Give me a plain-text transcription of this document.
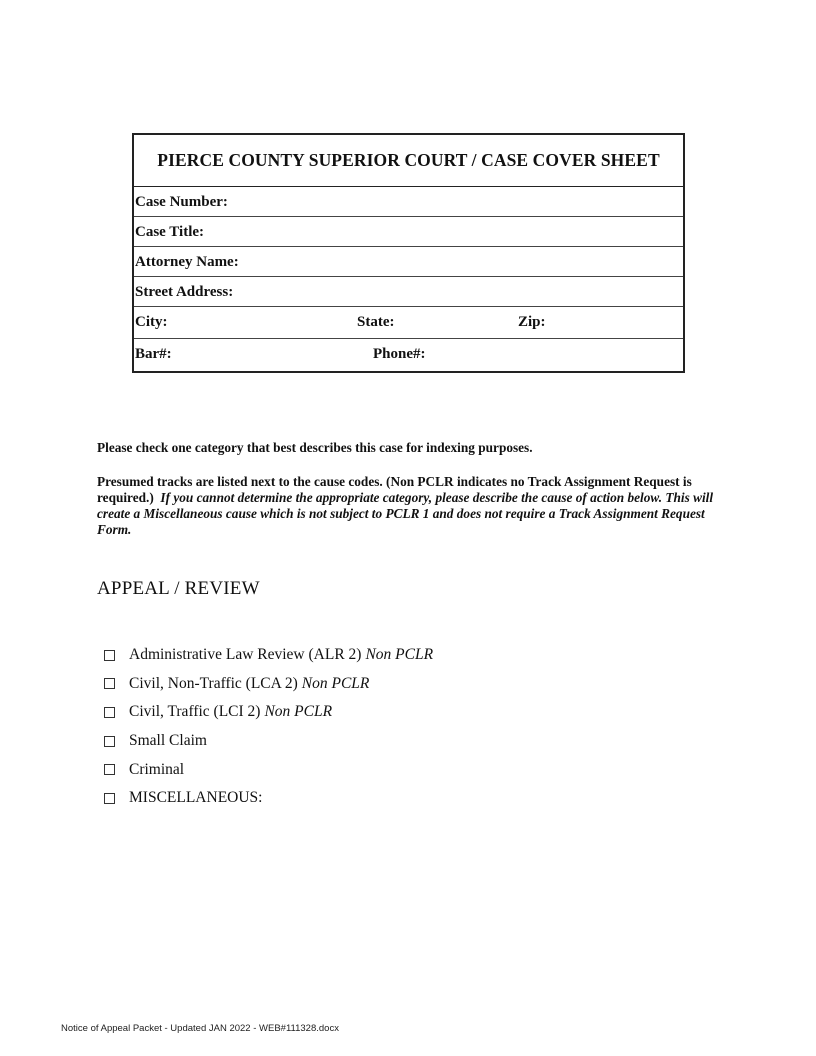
PIERCE COUNTY SUPERIOR COURT / CASE COVER SHEET
Case Number:
Case Title:
Attorney Name:
Street Address:
City:	State:	Zip:
Bar#:	Phone#:
Please check one category that best describes this case for indexing purposes.
Presumed tracks are listed next to the cause codes. (Non PCLR indicates no Track Assignment Request is required.) If you cannot determine the appropriate category, please describe the cause of action below. This will create a Miscellaneous cause which is not subject to PCLR 1 and does not require a Track Assignment Request Form.
APPEAL / REVIEW
Administrative Law Review (ALR 2) Non PCLR
Civil, Non-Traffic (LCA 2) Non PCLR
Civil, Traffic (LCI 2) Non PCLR
Small Claim
Criminal
MISCELLANEOUS:
Notice of Appeal Packet - Updated JAN 2022 - WEB#111328.docx
